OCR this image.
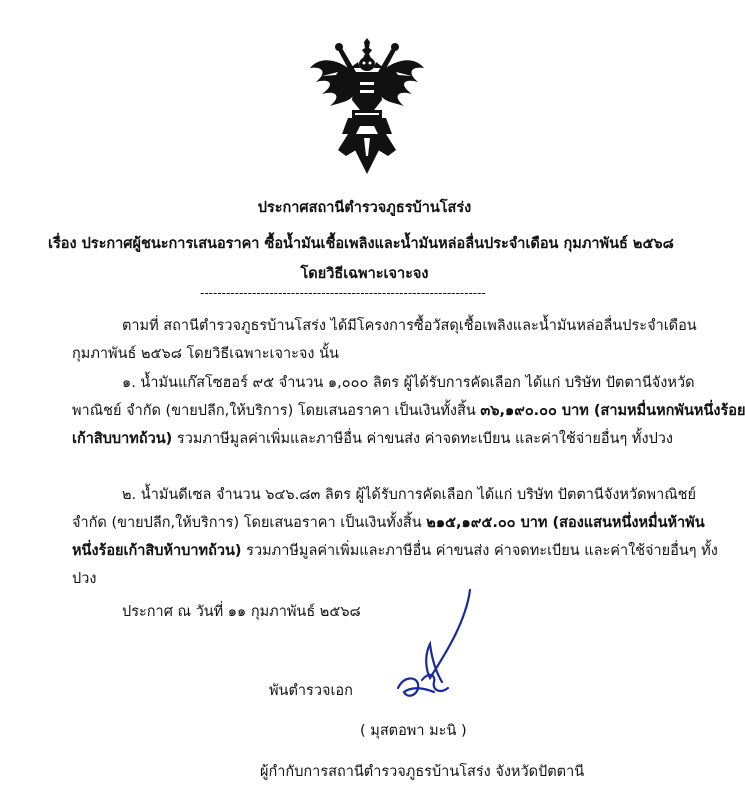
ประกาศสถานีตำรวจภูธรบ้านโสร่ง
เรื่อง ประกาศผู้ชนะการเสนอราคา ซื้อน้ำมันเชื้อเพลิงและน้ำมันหล่อลื่นประจำเดือน กุมภาพันธ์ ๒๕๖๘
โดยวิธีเฉพาะเจาะจง
------------------------------------------------------------------
ตามที่ สถานีตำรวจภูธรบ้านโสร่ง ได้มีโครงการซื้อวัสดุเชื้อเพลิงและน้ำมันหล่อลื่นประจำเดือน
กุมภาพันธ์ ๒๕๖๘ โดยวิธีเฉพาะเจาะจง นั้น
๑. น้ำมันแก๊สโซฮอร์ ๙๕ จำนวน ๑,๐๐๐ ลิตร ผู้ได้รับการคัดเลือก ได้แก่ บริษัท ปัตตานีจังหวัด
พาณิชย์ จำกัด (ขายปลีก,ให้บริการ) โดยเสนอราคา เป็นเงินทั้งสิ้น ๓๖,๑๙๐.๐๐ บาท (สามหมื่นหกพันหนึ่งร้อย
เก้าสิบบาทถ้วน) รวมภาษีมูลค่าเพิ่มและภาษีอื่น ค่าขนส่ง ค่าจดทะเบียน และค่าใช้จ่ายอื่นๆ ทั้งปวง
๒. น้ำมันดีเซล จำนวน ๖๔๖.๘๓ ลิตร ผู้ได้รับการคัดเลือก ได้แก่ บริษัท ปัตตานีจังหวัดพาณิชย์
จำกัด (ขายปลีก,ให้บริการ) โดยเสนอราคา เป็นเงินทั้งสิ้น ๒๑๕,๑๙๕.๐๐ บาท (สองแสนหนึ่งหมื่นห้าพัน
หนึ่งร้อยเก้าสิบห้าบาทถ้วน) รวมภาษีมูลค่าเพิ่มและภาษีอื่น ค่าขนส่ง ค่าจดทะเบียน และค่าใช้จ่ายอื่นๆ ทั้ง
ปวง
ประกาศ ณ วันที่ ๑๑ กุมภาพันธ์ ๒๕๖๘
พันตำรวจเอก
( มุสตอพา มะนิ )
ผู้กำกับการสถานีตำรวจภูธรบ้านโสร่ง จังหวัดปัตตานี
